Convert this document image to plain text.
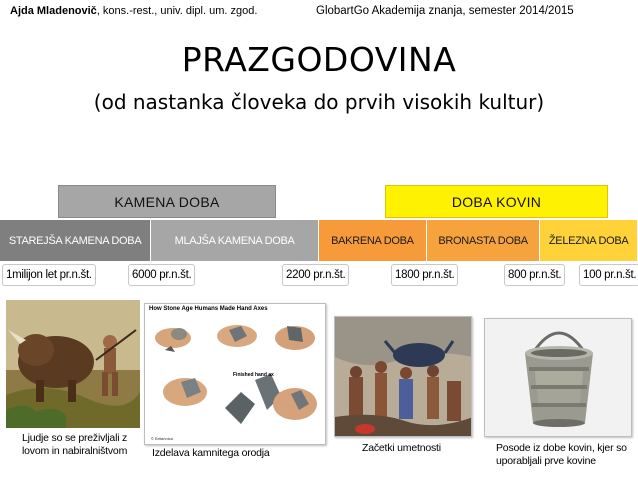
Ajda Mladenovič, kons.-rest., univ. dipl. um. zgod.	GlobartGo Akademija znanja, semester 2014/2015
PRAZGODOVINA
(od nastanka človeka do prvih visokih kultur)
KAMENA DOBA	DOBA KOVIN
STAREJŠA KAMENA DOBA	MLAJŠA KAMENA DOBA	BAKRENA DOBA	BRONASTA DOBA	ŽELEZNA DOBA
1milijon let pr.n.št.	6000 pr.n.št.	2200 pr.n.št.	1800 pr.n.št.	800 pr.n.št.	100 pr.n.št.
Ljudje so se preživljali z lovom in nabiralništvom
How Stone Age Humans Made Hand Axes
© Britannica
Finished hand ax
Izdelava kamnitega orodja	Začetki umetnosti	Posode iz dobe kovin, kjer so uporabljali prve kovine
